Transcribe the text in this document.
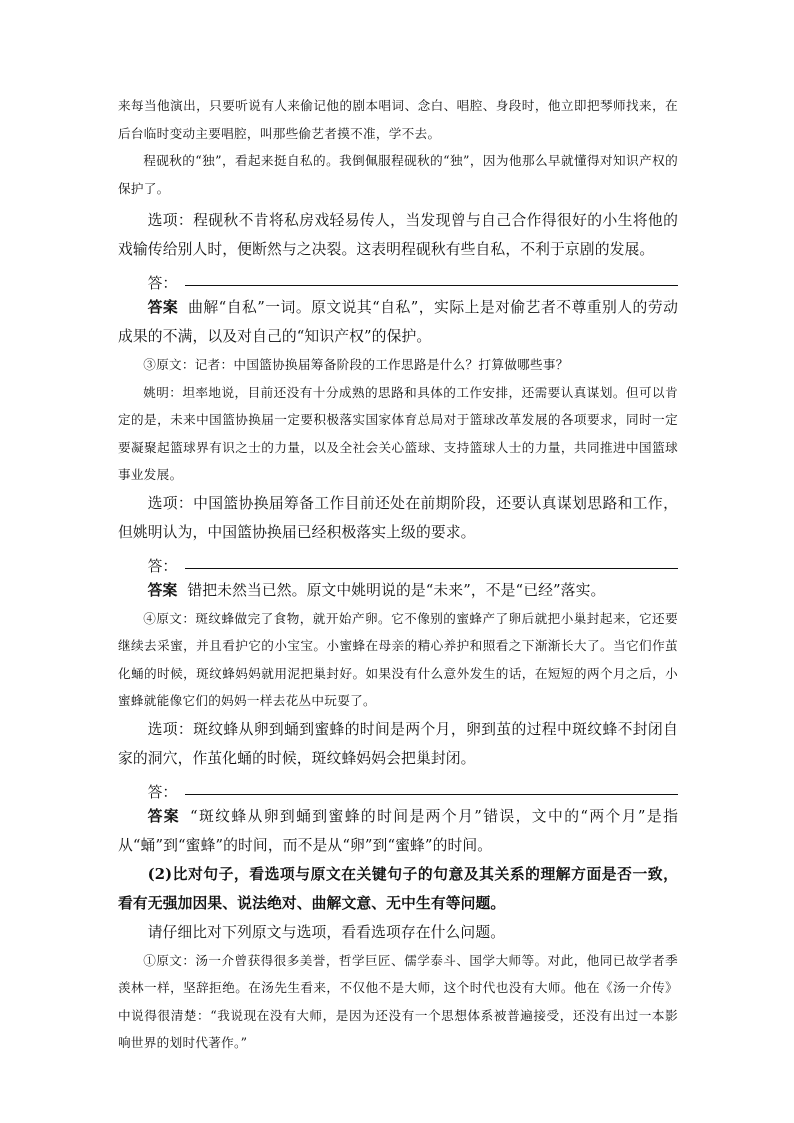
来每当他演出，只要听说有人来偷记他的剧本唱词、念白、唱腔、身段时，他立即把琴师找来，在后台临时变动主要唱腔，叫那些偷艺者摸不准，学不去。

程砚秋的“独”，看起来挺自私的。我倒佩服程砚秋的“独”，因为他那么早就懂得对知识产权的保护了。

选项：程砚秋不肯将私房戏轻易传人，当发现曾与自己合作得很好的小生将他的戏输传给别人时，便断然与之决裂。这表明程砚秋有些自私，不利于京剧的发展。

答：

答案 曲解“自私”一词。原文说其“自私”，实际上是对偷艺者不尊重别人的劳动成果的不满，以及对自己的“知识产权”的保护。

③原文：记者：中国篮协换届筹备阶段的工作思路是什么？打算做哪些事？

姚明：坦率地说，目前还没有十分成熟的思路和具体的工作安排，还需要认真谋划。但可以肯定的是，未来中国篮协换届一定要积极落实国家体育总局对于篮球改革发展的各项要求，同时一定要凝聚起篮球界有识之士的力量，以及全社会关心篮球、支持篮球人士的力量，共同推进中国篮球事业发展。

选项：中国篮协换届筹备工作目前还处在前期阶段，还要认真谋划思路和工作，但姚明认为，中国篮协换届已经积极落实上级的要求。

答：

答案 错把未然当已然。原文中姚明说的是“未来”，不是“已经”落实。

④原文：斑纹蜂做完了食物，就开始产卵。它不像别的蜜蜂产了卵后就把小巢封起来，它还要继续去采蜜，并且看护它的小宝宝。小蜜蜂在母亲的精心养护和照看之下渐渐长大了。当它们作茧化蛹的时候，斑纹蜂妈妈就用泥把巢封好。如果没有什么意外发生的话，在短短的两个月之后，小蜜蜂就能像它们的妈妈一样去花丛中玩耍了。

选项：斑纹蜂从卵到蛹到蜜蜂的时间是两个月，卵到茧的过程中斑纹蜂不封闭自家的洞穴，作茧化蛹的时候，斑纹蜂妈妈会把巢封闭。

答：

答案 “斑纹蜂从卵到蛹到蜜蜂的时间是两个月”错误，文中的“两个月”是指从“蛹”到“蜜蜂”的时间，而不是从“卵”到“蜜蜂”的时间。

(2)比对句子，看选项与原文在关键句子的句意及其关系的理解方面是否一致，看有无强加因果、说法绝对、曲解文意、无中生有等问题。

请仔细比对下列原文与选项，看看选项存在什么问题。

①原文：汤一介曾获得很多美誉，哲学巨匠、儒学泰斗、国学大师等。对此，他同已故学者季羡林一样，坚辞拒绝。在汤先生看来，不仅他不是大师，这个时代也没有大师。他在《汤一介传》中说得很清楚：“我说现在没有大师，是因为还没有一个思想体系被普遍接受，还没有出过一本影响世界的划时代著作。”
